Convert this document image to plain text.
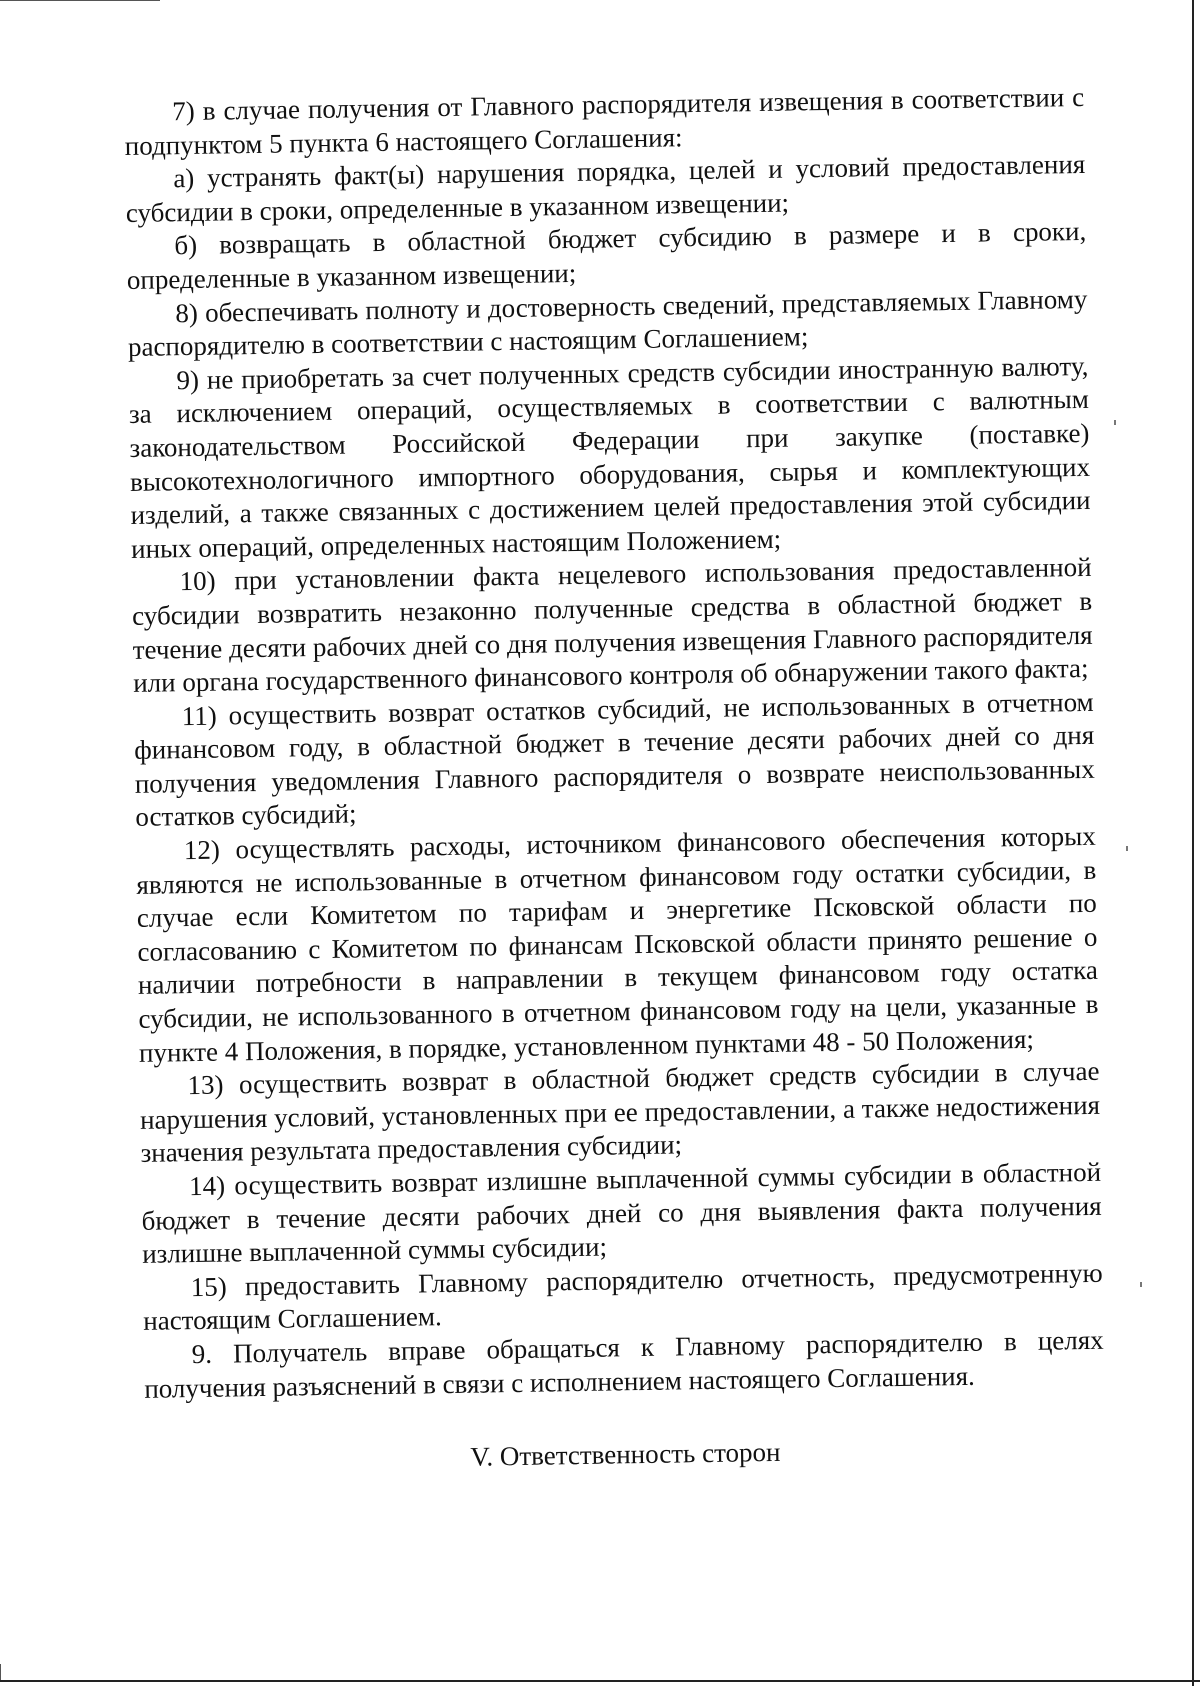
7) в случае получения от Главного распорядителя извещения в соответствии с подпунктом 5 пункта 6 настоящего Соглашения:

а) устранять факт(ы) нарушения порядка, целей и условий предоставления субсидии в сроки, определенные в указанном извещении;

б) возвращать в областной бюджет субсидию в размере и в сроки, определенные в указанном извещении;

8) обеспечивать полноту и достоверность сведений, представляемых Главному распорядителю в соответствии с настоящим Соглашением;

9) не приобретать за счет полученных средств субсидии иностранную валюту, за исключением операций, осуществляемых в соответствии с валютным законодательством Российской Федерации при закупке (поставке) высокотехнологичного импортного оборудования, сырья и комплектующих изделий, а также связанных с достижением целей предоставления этой субсидии иных операций, определенных настоящим Положением;

10) при установлении факта нецелевого использования предоставленной субсидии возвратить незаконно полученные средства в областной бюджет в течение десяти рабочих дней со дня получения извещения Главного распорядителя или органа государственного финансового контроля об обнаружении такого факта;

11) осуществить возврат остатков субсидий, не использованных в отчетном финансовом году, в областной бюджет в течение десяти рабочих дней со дня получения уведомления Главного распорядителя о возврате неиспользованных остатков субсидий;

12) осуществлять расходы, источником финансового обеспечения которых являются не использованные в отчетном финансовом году остатки субсидии, в случае если Комитетом по тарифам и энергетике Псковской области по согласованию с Комитетом по финансам Псковской области принято решение о наличии потребности в направлении в текущем финансовом году остатка субсидии, не использованного в отчетном финансовом году на цели, указанные в пункте 4 Положения, в порядке, установленном пунктами 48 - 50 Положения;

13) осуществить возврат в областной бюджет средств субсидии в случае нарушения условий, установленных при ее предоставлении, а также недостижения значения результата предоставления субсидии;

14) осуществить возврат излишне выплаченной суммы субсидии в областной бюджет в течение десяти рабочих дней со дня выявления факта получения излишне выплаченной суммы субсидии;

15) предоставить Главному распорядителю отчетность, предусмотренную настоящим Соглашением.

9. Получатель вправе обращаться к Главному распорядителю в целях получения разъяснений в связи с исполнением настоящего Соглашения.

V. Ответственность сторон
